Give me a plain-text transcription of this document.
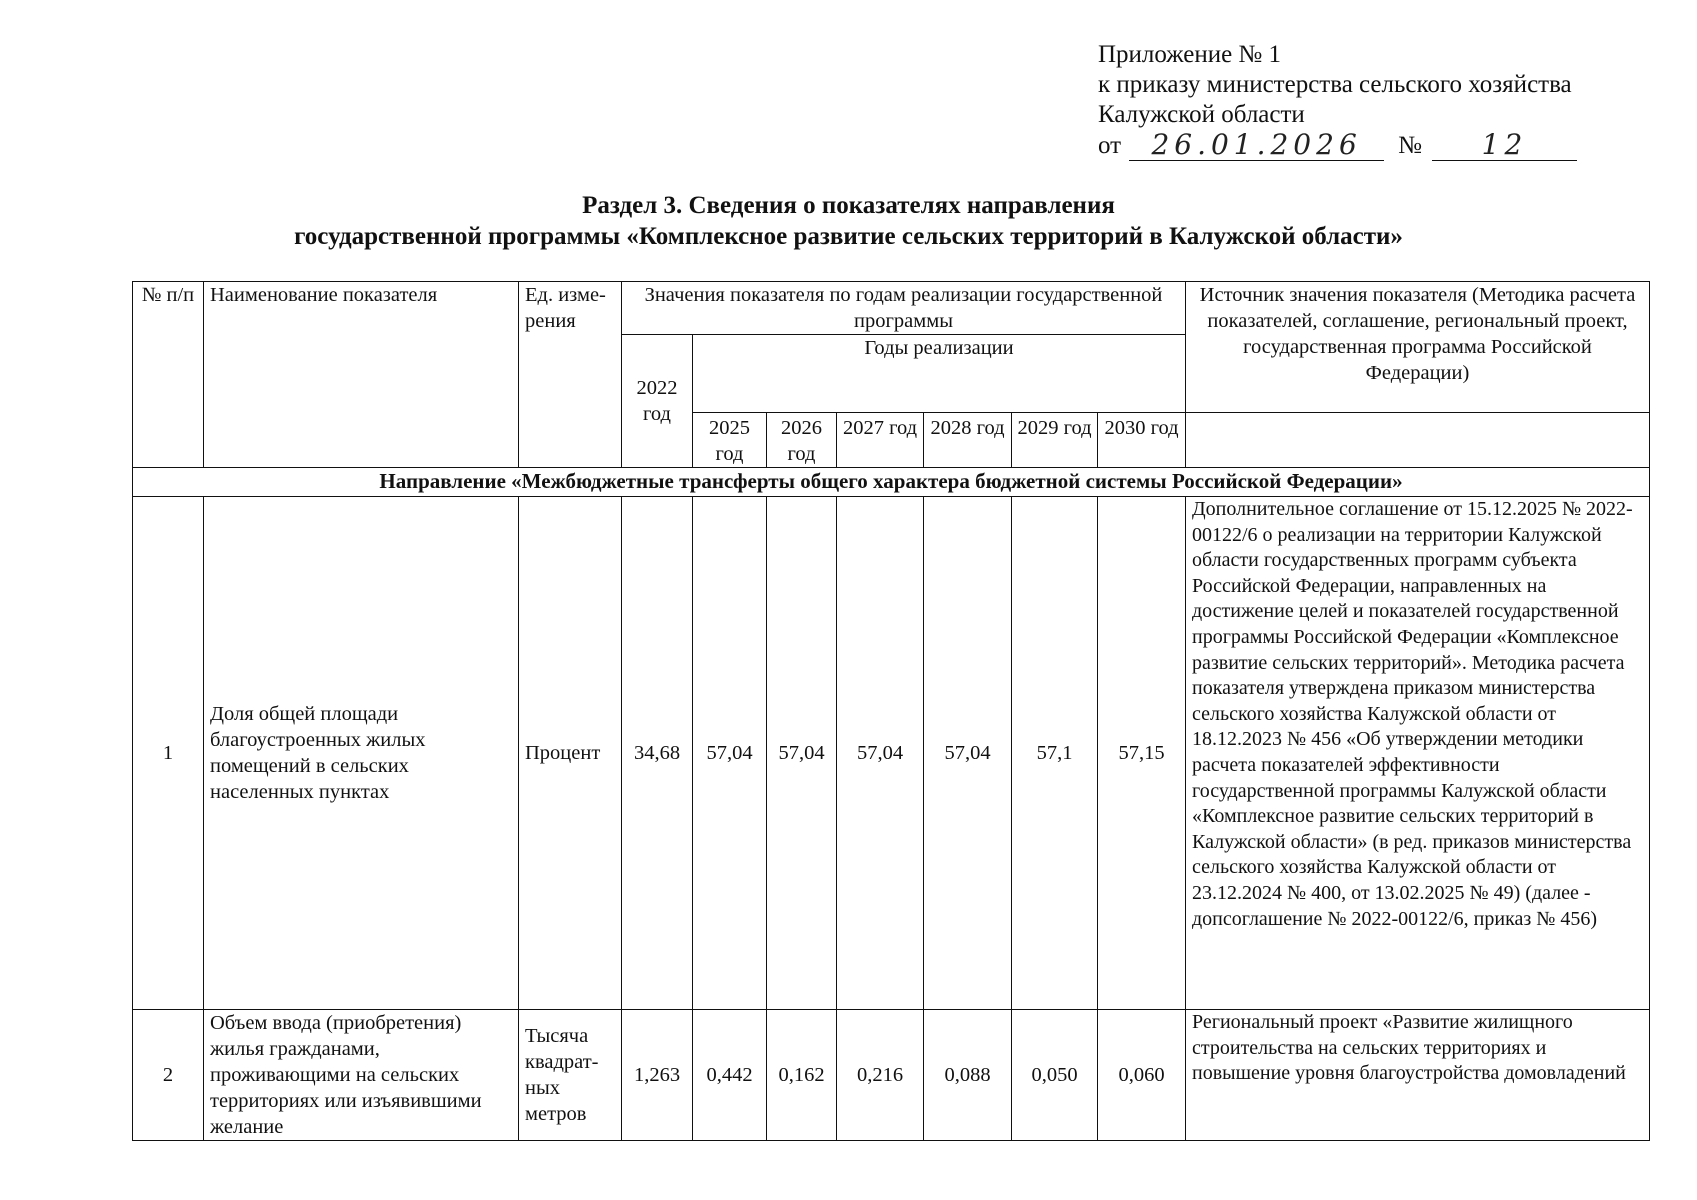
Приложение № 1
к приказу министерства сельского хозяйства
Калужской области
от	26.01.2026	№	12
Раздел 3. Сведения о показателях направления
государственной программы «Комплексное развитие сельских территорий в Калужской области»
№ п/п	Наименование показателя	Ед. изме- рения	Значения показателя по годам реализации государственной программы							Источник значения показателя (Методика расчета показателей, соглашение, региональный проект, государственная программа Российской Федерации)
			2022 год	Годы реализации						
				2025 год	2026 год	2027 год	2028 год	2029 год	2030 год	
Направление «Межбюджетные трансферты общего характера бюджетной системы Российской Федерации»										
1	Доля общей площади благоустроенных жилых помещений в сельских населенных пунктах	Процент	34,68	57,04	57,04	57,04	57,04	57,1	57,15	Дополнительное соглашение от 15.12.2025 № 2022-00122/6 о реализации на территории Калужской области государственных программ субъекта Российской Федерации, направленных на достижение целей и показателей государственной программы Российской Федерации «Комплексное развитие сельских территорий». Методика расчета показателя утверждена приказом министерства сельского хозяйства Калужской области от 18.12.2023 № 456 «Об утверждении методики расчета показателей эффективности государственной программы Калужской области «Комплексное развитие сельских территорий в Калужской области» (в ред. приказов министерства сельского хозяйства Калужской области от 23.12.2024 № 400, от 13.02.2025 № 49) (далее - допсоглашение № 2022-00122/6, приказ № 456)
2	Объем ввода (приобретения) жилья гражданами, проживающими на сельских территориях или изъявившими желание	Тысяча квадрат- ных метров	1,263	0,442	0,162	0,216	0,088	0,050	0,060	Региональный проект «Развитие жилищного строительства на сельских территориях и повышение уровня благоустройства домовладений
